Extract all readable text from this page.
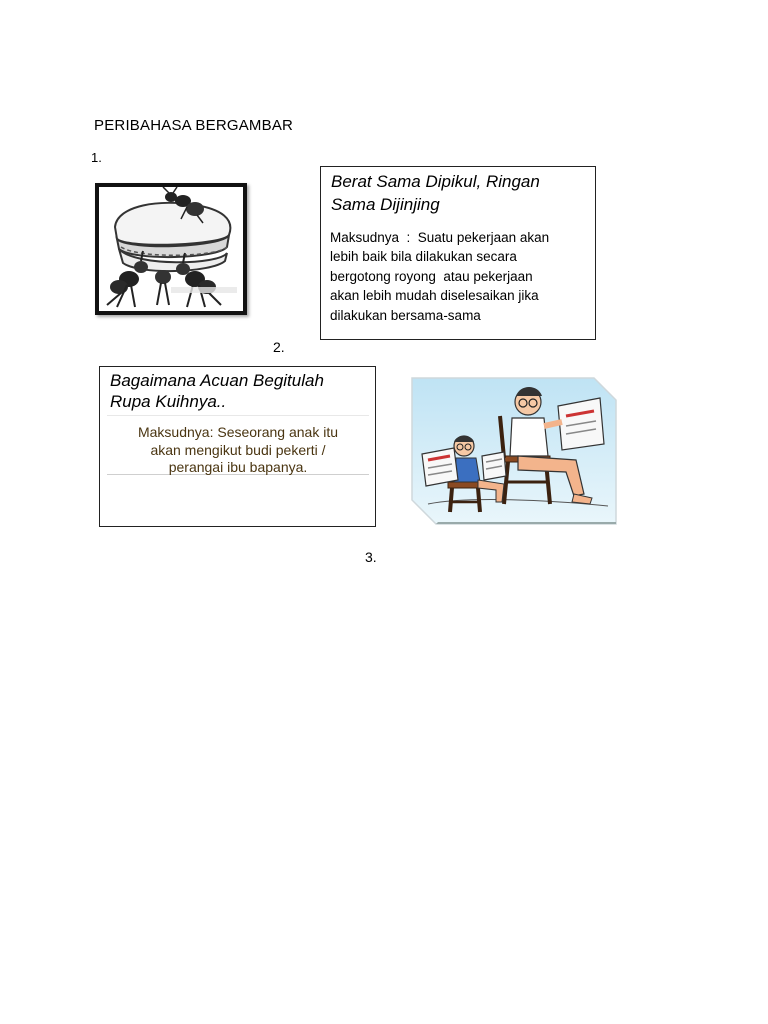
PERIBAHASA BERGAMBAR
1.
2.
3.
Berat Sama Dipikul, Ringan
Sama Dijinjing
Maksudnya  :  Suatu pekerjaan akan
lebih baik bila dilakukan secara
bergotong royong  atau pekerjaan
akan lebih mudah diselesaikan jika
dilakukan bersama-sama
Bagaimana Acuan Begitulah
Rupa Kuihnya..
Maksudnya: Seseorang anak itu
akan mengikut budi pekerti /
perangai ibu bapanya.
